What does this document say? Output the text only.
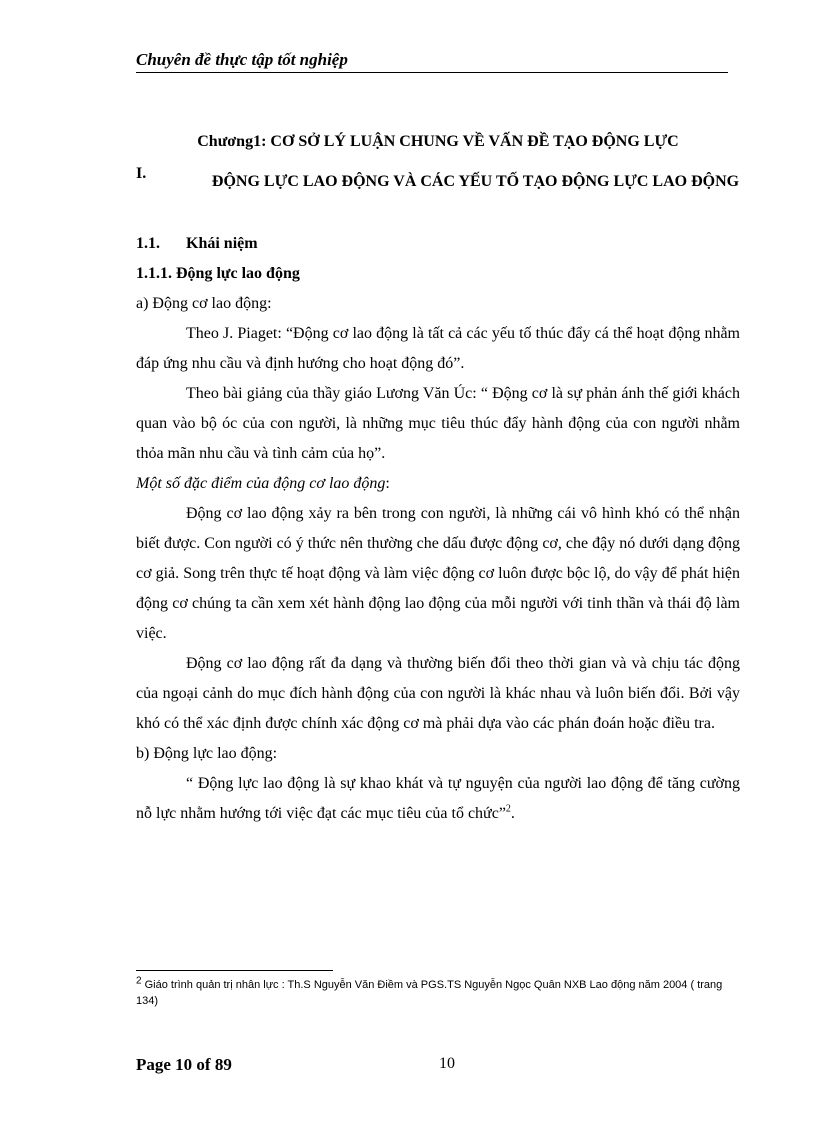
Chuyên đề thực tập tốt nghiệp
Chương1: CƠ SỞ LÝ LUẬN CHUNG VỀ VẤN ĐỀ TẠO ĐỘNG LỰC
I.	ĐỘNG LỰC LAO ĐỘNG VÀ CÁC YẾU TỐ TẠO ĐỘNG LỰC LAO ĐỘNG
1.1. Khái niệm
1.1.1. Động lực lao động
a) Động cơ lao động:

Theo J. Piaget: “Động cơ lao động là tất cả các yếu tố thúc đẩy cá thể hoạt động nhằm đáp ứng nhu cầu và định hướng cho hoạt động đó”.

Theo bài giảng của thầy giáo Lương Văn Úc: “ Động cơ là sự phản ánh thế giới khách quan vào bộ óc của con người, là những mục tiêu thúc đẩy hành động của con người nhằm thỏa mãn nhu cầu và tình cảm của họ”.

Một số đặc điểm của động cơ lao động:

Động cơ lao động xảy ra bên trong con người, là những cái vô hình khó có thể nhận biết được. Con người có ý thức nên thường che dấu được động cơ, che đậy nó dưới dạng động cơ giả. Song trên thực tế hoạt động và làm việc động cơ luôn được bộc lộ, do vậy để phát hiện động cơ chúng ta cần xem xét hành động lao động của mỗi người với tinh thần và thái độ làm việc.

Động cơ lao động rất đa dạng và thường biến đổi theo thời gian và và chịu tác động của ngoại cảnh do mục đích hành động của con người là khác nhau và luôn biến đổi. Bởi vậy khó có thể xác định được chính xác động cơ mà phải dựa vào các phán đoán hoặc điều tra.

b) Động lực lao động:

“ Động lực lao động là sự khao khát và tự nguyện của người lao động để tăng cường nỗ lực nhằm hướng tới việc đạt các mục tiêu của tổ chức”$^2$.

$^2$ Giáo trình quản trị nhân lực : Th.S Nguyễn Văn Điềm và PGS.TS Nguyễn Ngọc Quân NXB Lao động năm 2004 ( trang 134)
Page 10 of 89	10
